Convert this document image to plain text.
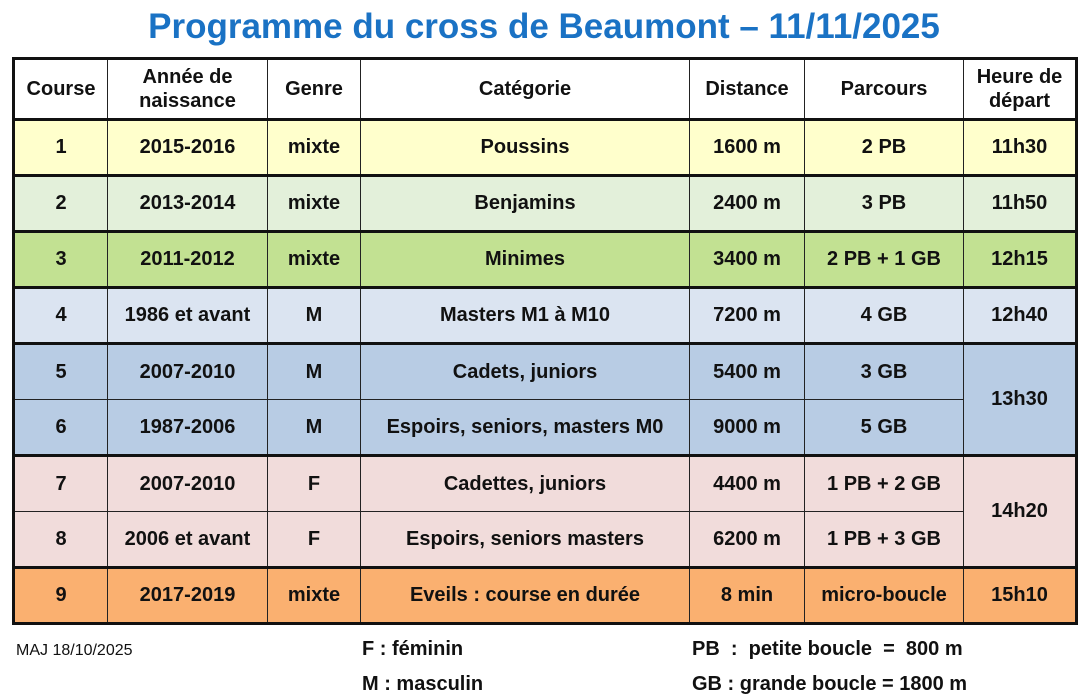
Programme du cross de Beaumont – 11/11/2025
Course	Année de naissance	Genre	Catégorie	Distance	Parcours	Heure de départ
1	2015-2016	mixte	Poussins	1600 m	2 PB	11h30
2	2013-2014	mixte	Benjamins	2400 m	3 PB	11h50
3	2011-2012	mixte	Minimes	3400 m	2 PB + 1 GB	12h15
4	1986 et avant	M	Masters M1 à M10	7200 m	4 GB	12h40
5	2007-2010	M	Cadets, juniors	5400 m	3 GB	13h30
6	1987-2006	M	Espoirs, seniors, masters M0	9000 m	5 GB	
7	2007-2010	F	Cadettes, juniors	4400 m	1 PB + 2 GB	14h20
8	2006 et avant	F	Espoirs, seniors masters	6200 m	1 PB + 3 GB	
9	2017-2019	mixte	Eveils : course en durée	8 min	micro-boucle	15h10
MAJ 18/10/2025	F : féminin
M : masculin
PB  :  petite boucle  =  800 m
GB : grande boucle = 1800 m
